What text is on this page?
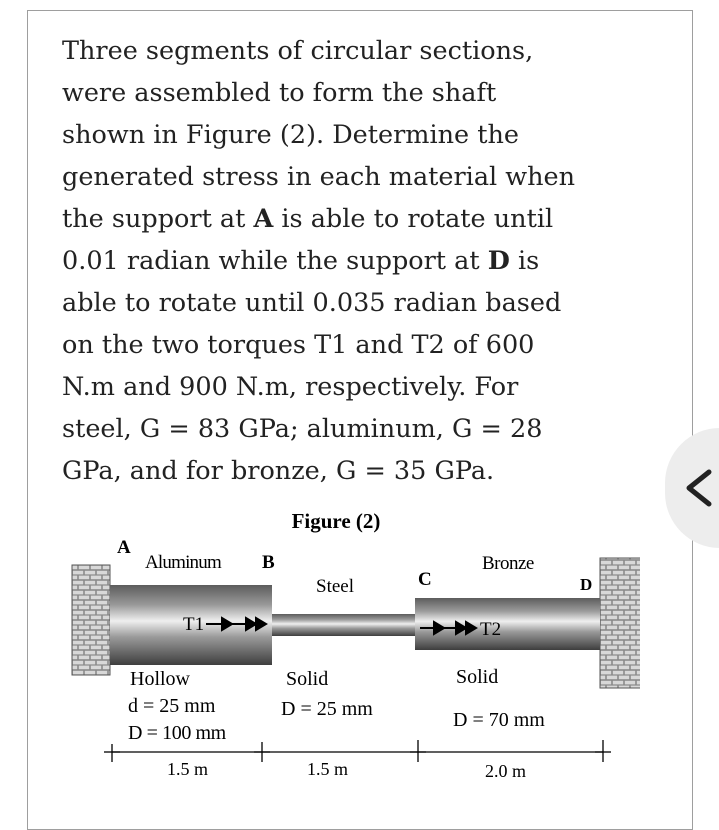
Three segments of circular sections,
were assembled to form the shaft
shown in Figure (2). Determine the
generated stress in each material when
the support at A is able to rotate until
0.01 radian while the support at D is
able to rotate until 0.035 radian based
on the two torques T1 and T2 of 600
N.m and 900 N.m, respectively. For
steel, G = 83 GPa; aluminum, G = 28
GPa, and for bronze, G = 35 GPa.
Figure (2)
A
Aluminum B
Steel	C
Bronze
D
T1	T2
Hollow
d = 25 mm
D = 100 mm
Solid
D = 25 mm
Solid
D = 70 mm
1.5 m	1.5 m	2.0 m
